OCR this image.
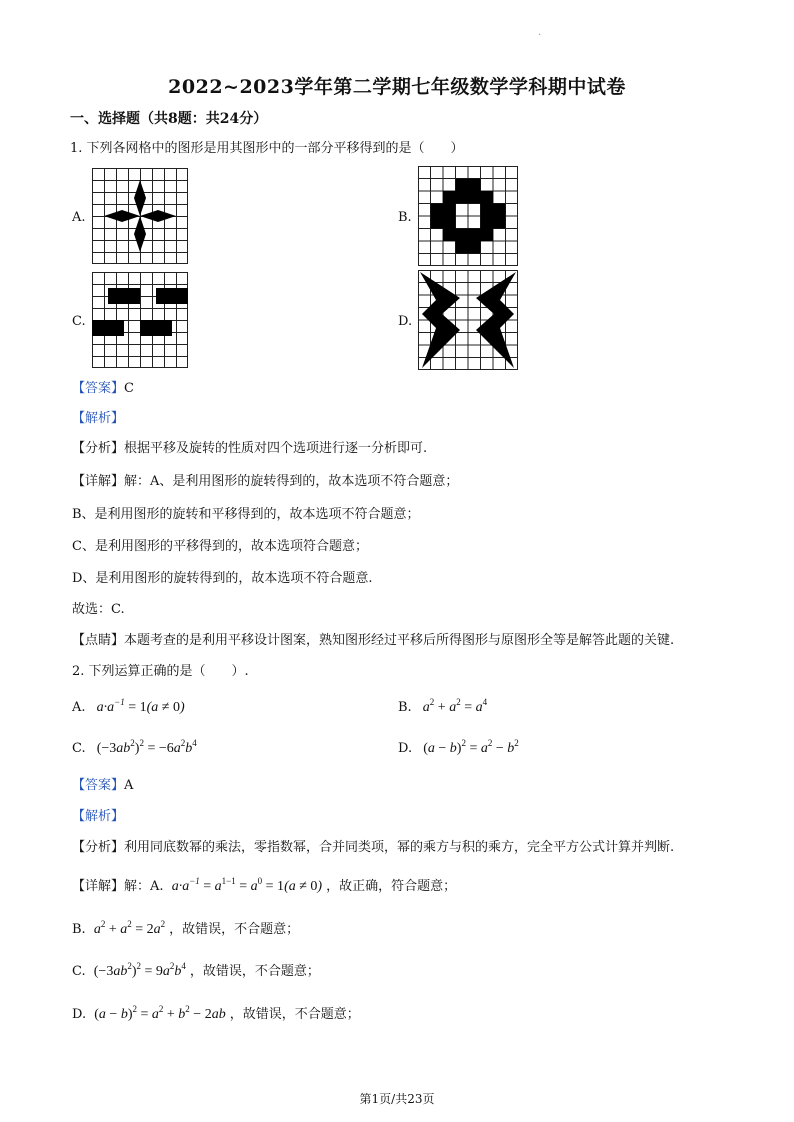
·
2022~2023学年第二学期七年级数学学科期中试卷
一、选择题（共8题：共24分）
1. 下列各网格中的图形是用其图形中的一部分平移得到的是（　　）
A.	B.
C.	D.
【答案】C
【解析】
【分析】根据平移及旋转的性质对四个选项进行逐一分析即可.
【详解】解：A、是利用图形的旋转得到的，故本选项不符合题意；
B、是利用图形的旋转和平移得到的，故本选项不符合题意；
C、是利用图形的平移得到的，故本选项符合题意；
D、是利用图形的旋转得到的，故本选项不符合题意.
故选：C.
【点睛】本题考查的是利用平移设计图案，熟知图形经过平移后所得图形与原图形全等是解答此题的关键.
2. 下列运算正确的是（　　）.
A. $a\cdot a^{-1} = 1(a \ne 0)$	B. $a^2 + a^2 = a^4$
C. $(-3ab^2)^2 = -6a^2b^4$	D. $(a - b)^2 = a^2 - b^2$
【答案】A
【解析】
【分析】利用同底数幂的乘法，零指数幂，合并同类项，幂的乘方与积的乘方，完全平方公式计算并判断.
【详解】解：A. $a\cdot a^{-1} = a^{1-1} = a^0 = 1(a \ne 0)$ ，故正确，符合题意；
B. $a^2 + a^2 = 2a^2$ ，故错误，不合题意；
C. $(-3ab^2)^2 = 9a^2b^4$ ，故错误，不合题意；
D. $(a - b)^2 = a^2 + b^2 - 2ab$ ，故错误，不合题意；
第1页/共23页
